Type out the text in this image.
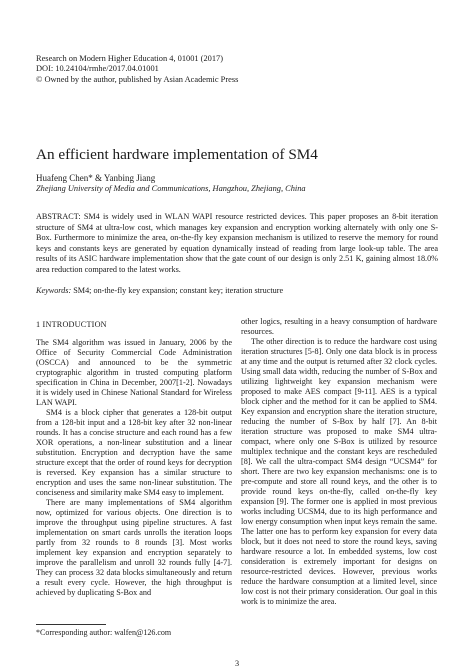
Research on Modern Higher Education 4, 01001 (2017)
DOI: 10.24104/rmhe/2017.04.01001
© Owned by the author, published by Asian Academic Press
An efficient hardware implementation of SM4
Huafeng Chen* & Yanbing Jiang
Zhejiang University of Media and Communications, Hangzhou, Zhejiang, China
ABSTRACT: SM4 is widely used in WLAN WAPI resource restricted devices. This paper proposes an 8-bit iteration structure of SM4 at ultra-low cost, which manages key expansion and encryption working alternately with only one S-Box. Furthermore to minimize the area, on-the-fly key expansion mechanism is utilized to reserve the memory for round keys and constants keys are generated by equation dynamically instead of reading from large look-up table. The area results of its ASIC hardware implementation show that the gate count of our design is only 2.51 K, gaining almost 18.0% area reduction compared to the latest works.
Keywords: SM4; on-the-fly key expansion; constant key; iteration structure
1 INTRODUCTION

The SM4 algorithm was issued in January, 2006 by the Office of Security Commercial Code Administration (OSCCA) and announced to be the symmetric cryptographic algorithm in trusted computing platform specification in China in December, 2007[1-2]. Nowadays it is widely used in Chinese National Standard for Wireless LAN WAPI.

SM4 is a block cipher that generates a 128-bit output from a 128-bit input and a 128-bit key after 32 non-linear rounds. It has a concise structure and each round has a few XOR operations, a non-linear substitution and a linear substitution. Encryption and decryption have the same structure except that the order of round keys for decryption is reversed. Key expansion has a similar structure to encryption and uses the same non-linear substitution. The conciseness and similarity make SM4 easy to implement.

There are many implementations of SM4 algorithm now, optimized for various objects. One direction is to improve the throughput using pipeline structures. A fast implementation on smart cards unrolls the iteration loops partly from 32 rounds to 8 rounds [3]. Most works implement key expansion and encryption separately to improve the parallelism and unroll 32 rounds fully [4-7]. They can process 32 data blocks simultaneously and return a result every cycle. However, the high throughput is achieved by duplicating S-Box and

other logics, resulting in a heavy consumption of hardware resources.

The other direction is to reduce the hardware cost using iteration structures [5-8]. Only one data block is in process at any time and the output is returned after 32 clock cycles. Using small data width, reducing the number of S-Box and utilizing lightweight key expansion mechanism were proposed to make AES compact [9-11]. AES is a typical block cipher and the method for it can be applied to SM4. Key expansion and encryption share the iteration structure, reducing the number of S-Box by half [7]. An 8-bit iteration structure was proposed to make SM4 ultra-compact, where only one S-Box is utilized by resource multiplex technique and the constant keys are rescheduled [8]. We call the ultra-compact SM4 design “UCSM4” for short. There are two key expansion mechanisms: one is to pre-compute and store all round keys, and the other is to provide round keys on-the-fly, called on-the-fly key expansion [9]. The former one is applied in most previous works including UCSM4, due to its high performance and low energy consumption when input keys remain the same. The latter one has to perform key expansion for every data block, but it does not need to store the round keys, saving hardware resource a lot. In embedded systems, low cost consideration is extremely important for designs on resource-restricted devices. However, previous works reduce the hardware consumption at a limited level, since low cost is not their primary consideration. Our goal in this work is to minimize the area.

*Corresponding author: walfen@126.com
3
